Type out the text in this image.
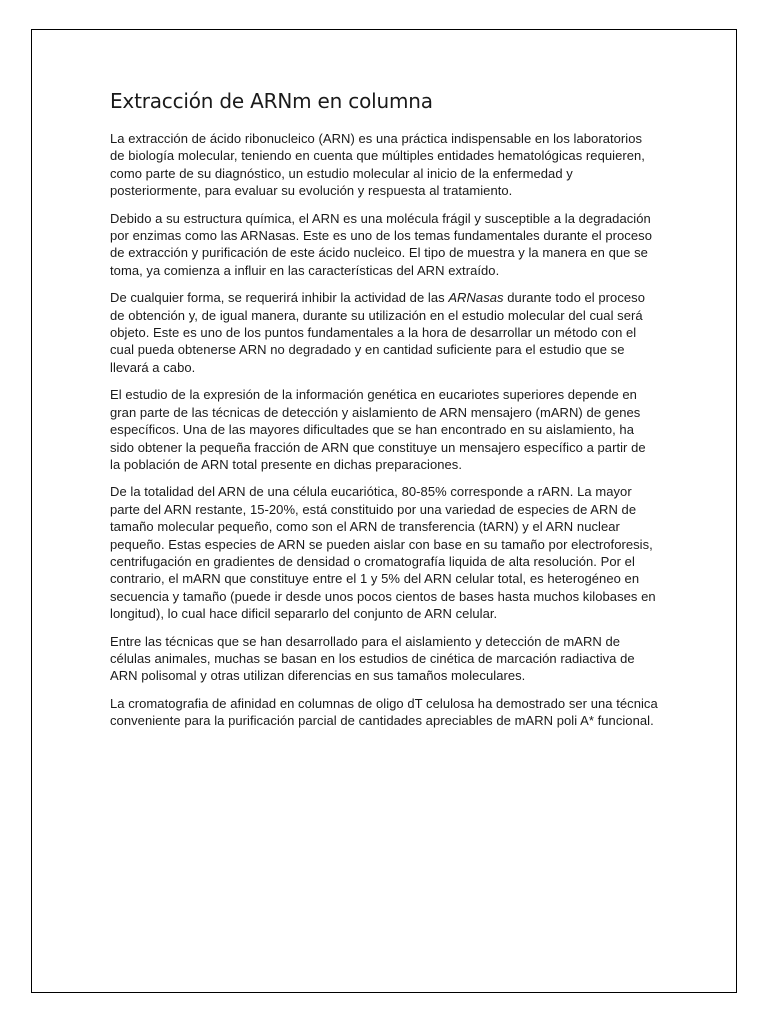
Extracción de ARNm en columna

La extracción de ácido ribonucleico (ARN) es una práctica indispensable en los laboratorios de biología molecular, teniendo en cuenta que múltiples entidades hematológicas requieren, como parte de su diagnóstico, un estudio molecular al inicio de la enfermedad y posteriormente, para evaluar su evolución y respuesta al tratamiento.

Debido a su estructura química, el ARN es una molécula frágil y susceptible a la degradación por enzimas como las ARNasas. Este es uno de los temas fundamentales durante el proceso de extracción y purificación de este ácido nucleico. El tipo de muestra y la manera en que se toma, ya comienza a influir en las características del ARN extraído.

De cualquier forma, se requerirá inhibir la actividad de las ARNasas durante todo el proceso de obtención y, de igual manera, durante su utilización en el estudio molecular del cual será objeto. Este es uno de los puntos fundamentales a la hora de desarrollar un método con el cual pueda obtenerse ARN no degradado y en cantidad suficiente para el estudio que se llevará a cabo.

El estudio de la expresión de la información genética en eucariotes superiores depende en gran parte de las técnicas de detección y aislamiento de ARN mensajero (mARN) de genes específicos. Una de las mayores dificultades que se han encontrado en su aislamiento, ha sido obtener la pequeña fracción de ARN que constituye un mensajero específico a partir de la población de ARN total presente en dichas preparaciones.

De la totalidad del ARN de una célula eucariótica, 80-85% corresponde a rARN. La mayor parte del ARN restante, 15-20%, está constituido por una variedad de especies de ARN de tamaño molecular pequeño, como son el ARN de transferencia (tARN) y el ARN nuclear pequeño. Estas especies de ARN se pueden aislar con base en su tamaño por electroforesis, centrifugación en gradientes de densidad o cromatografía liquida de alta resolución. Por el contrario, el mARN que constituye entre el 1 y 5% del ARN celular total, es heterogéneo en secuencia y tamaño (puede ir desde unos pocos cientos de bases hasta muchos kilobases en longitud), lo cual hace dificil separarlo del conjunto de ARN celular.

Entre las técnicas que se han desarrollado para el aislamiento y detección de mARN de células animales, muchas se basan en los estudios de cinética de marcación radiactiva de ARN polisomal y otras utilizan diferencias en sus tamaños moleculares.

La cromatografia de afinidad en columnas de oligo dT celulosa ha demostrado ser una técnica conveniente para la purificación parcial de cantidades apreciables de mARN poli A* funcional.
